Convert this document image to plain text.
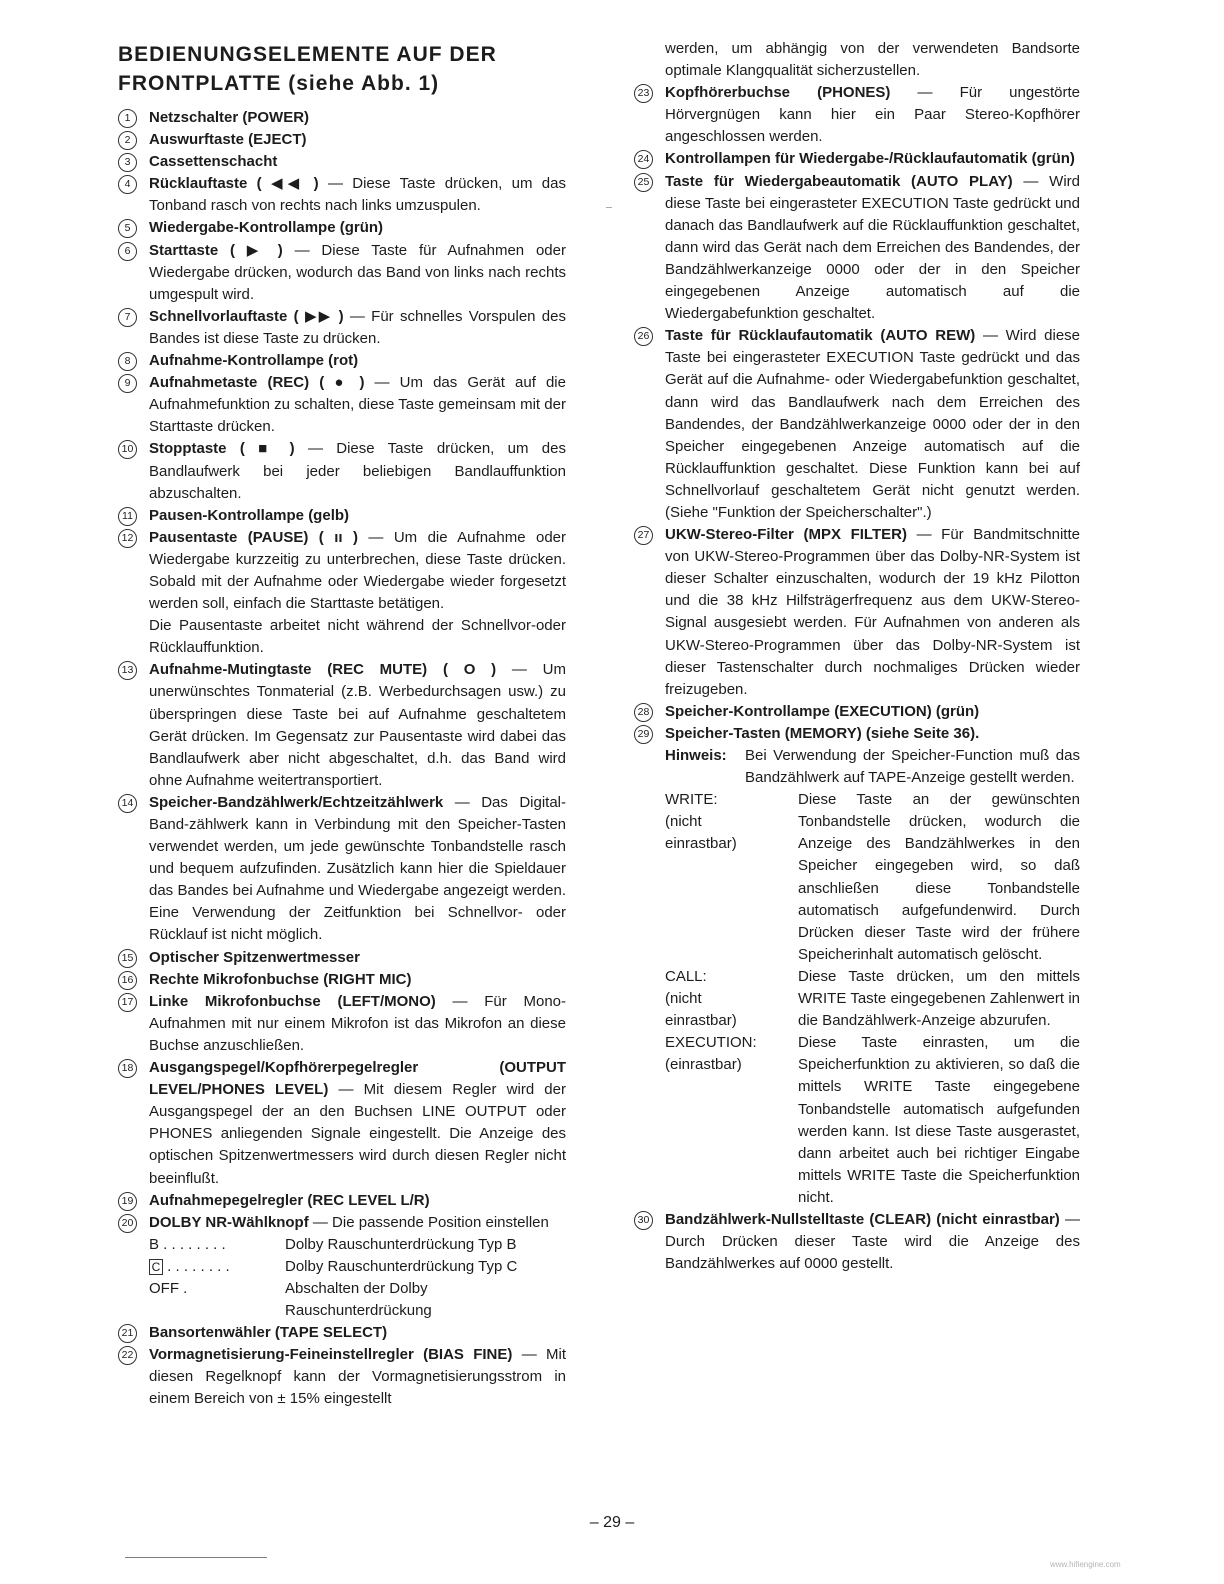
BEDIENUNGSELEMENTE AUF DER FRONTPLATTE (siehe Abb. 1)
1	Netzschalter (POWER)
2	Auswurftaste (EJECT)
3	Cassettenschacht
4	Rücklauftaste ( ◀◀ ) — Diese Taste drücken, um das Tonband rasch von rechts nach links umzuspulen.
5	Wiedergabe-Kontrollampe (grün)
6	Starttaste ( ▶ ) — Diese Taste für Aufnahmen oder Wiedergabe drücken, wodurch das Band von links nach rechts umgespult wird.
7	Schnellvorlauftaste ( ▶▶ ) — Für schnelles Vorspulen des Bandes ist diese Taste zu drücken.
8	Aufnahme-Kontrollampe (rot)
9	Aufnahmetaste (REC) ( ● ) — Um das Gerät auf die Aufnahmefunktion zu schalten, diese Taste gemeinsam mit der Starttaste drücken.
10 Stopptaste ( ■ ) — Diese Taste drücken, um des Bandlaufwerk bei jeder beliebigen Bandlauffunktion abzuschalten.
11 Pausen-Kontrollampe (gelb)
12 Pausentaste (PAUSE) ( ıı ) — Um die Aufnahme oder Wiedergabe kurzzeitig zu unterbrechen, diese Taste drücken. Sobald mit der Aufnahme oder Wiedergabe wieder forgesetzt werden soll, einfach die Starttaste betätigen.
Die Pausentaste arbeitet nicht während der Schnellvor-oder Rücklauffunktion.
13 Aufnahme-Mutingtaste (REC MUTE) ( O ) — Um unerwünschtes Tonmaterial (z.B. Werbedurchsagen usw.) zu überspringen diese Taste bei auf Aufnahme geschaltetem Gerät drücken. Im Gegensatz zur Pausentaste wird dabei das Bandlaufwerk aber nicht abgeschaltet, d.h. das Band wird ohne Aufnahme weitertransportiert.
14 Speicher-Bandzählwerk/Echtzeitzählwerk — Das Digital-Band-zählwerk kann in Verbindung mit den Speicher-Tasten verwendet werden, um jede gewünschte Tonbandstelle rasch und bequem aufzufinden. Zusätzlich kann hier die Spieldauer das Bandes bei Aufnahme und Wiedergabe angezeigt werden. Eine Verwendung der Zeitfunktion bei Schnellvor- oder Rücklauf ist nicht möglich.
15 Optischer Spitzenwertmesser
16 Rechte Mikrofonbuchse (RIGHT MIC)
17 Linke Mikrofonbuchse (LEFT/MONO) — Für Mono-Aufnahmen mit nur einem Mikrofon ist das Mikrofon an diese Buchse anzuschließen.
18 Ausgangspegel/Kopfhörerpegelregler (OUTPUT LEVEL/PHONES LEVEL) — Mit diesem Regler wird der Ausgangspegel der an den Buchsen LINE OUTPUT oder PHONES anliegenden Signale eingestellt. Die Anzeige des optischen Spitzenwertmessers wird durch diesen Regler nicht beeinflußt.
19 Aufnahmepegelregler (REC LEVEL L/R)
20 DOLBY NR-Wählknopf — Die passende Position einstellen
B . . . . . . . .	Dolby Rauschunterdrückung Typ B
C . . . . . . . .	Dolby Rauschunterdrückung Typ C
OFF .	Abschalten der Dolby Rauschunterdrückung
21 Bansortenwähler (TAPE SELECT)
22 Vormagnetisierung-Feineinstellregler (BIAS FINE) — Mit diesen Regelknopf kann der Vormagnetisierungsstrom in einem Bereich von ± 15% eingestellt
werden, um abhängig von der verwendeten Bandsorte optimale Klangqualität sicherzustellen.
23 Kopfhörerbuchse (PHONES) — Für ungestörte Hörvergnügen kann hier ein Paar Stereo-Kopfhörer angeschlossen werden.
24 Kontrollampen für Wiedergabe-/Rücklaufautomatik (grün)
25 Taste für Wiedergabeautomatik (AUTO PLAY) — Wird diese Taste bei eingerasteter EXECUTION Taste gedrückt und danach das Bandlaufwerk auf die Rücklauffunktion geschaltet, dann wird das Gerät nach dem Erreichen des Bandendes, der Bandzählwerkanzeige 0000 oder der in den Speicher eingegebenen Anzeige automatisch auf die Wiedergabefunktion geschaltet.
26 Taste für Rücklaufautomatik (AUTO REW) — Wird diese Taste bei eingerasteter EXECUTION Taste gedrückt und das Gerät auf die Aufnahme- oder Wiedergabefunktion geschaltet, dann wird das Bandlaufwerk nach dem Erreichen des Bandendes, der Bandzählwerkanzeige 0000 oder der in den Speicher eingegebenen Anzeige automatisch auf die Rücklauffunktion geschaltet. Diese Funktion kann bei auf Schnellvorlauf geschaltetem Gerät nicht genutzt werden. (Siehe "Funktion der Speicherschalter".)
27 UKW-Stereo-Filter (MPX FILTER) — Für Bandmitschnitte von UKW-Stereo-Programmen über das Dolby-NR-System ist dieser Schalter einzuschalten, wodurch der 19 kHz Pilotton und die 38 kHz Hilfsträgerfrequenz aus dem UKW-Stereo-Signal ausgesiebt werden. Für Aufnahmen von anderen als UKW-Stereo-Programmen über das Dolby-NR-System ist dieser Tastenschalter durch nochmaliges Drücken wieder freizugeben.
28 Speicher-Kontrollampe (EXECUTION) (grün)
29 Speicher-Tasten (MEMORY) (siehe Seite 36).
Hinweis:	Bei Verwendung der Speicher-Function muß das Bandzählwerk auf TAPE-Anzeige gestellt werden.
WRITE:
(nicht
einrastbar)
Diese Taste an der gewünschten Tonbandstelle drücken, wodurch die Anzeige des Bandzählwerkes in den Speicher eingegeben wird, so daß anschließen diese Tonbandstelle automatisch aufgefundenwird. Durch Drücken dieser Taste wird der frühere Speicherinhalt automatisch gelöscht.
CALL:
(nicht
einrastbar)
Diese Taste drücken, um den mittels WRITE Taste eingegebenen Zahlenwert in die Bandzählwerk-Anzeige abzurufen.
EXECUTION:
(einrastbar)
Diese Taste einrasten, um die Speicherfunktion zu aktivieren, so daß die mittels WRITE Taste eingegebene Tonbandstelle automatisch aufgefunden werden kann. Ist diese Taste ausgerastet, dann arbeitet auch bei richtiger Eingabe mittels WRITE Taste die Speicherfunktion nicht.
30 Bandzählwerk-Nullstelltaste (CLEAR) (nicht einrastbar) — Durch Drücken dieser Taste wird die Anzeige des Bandzählwerkes auf 0000 gestellt.
– 29 –
www.hifiengine.com
